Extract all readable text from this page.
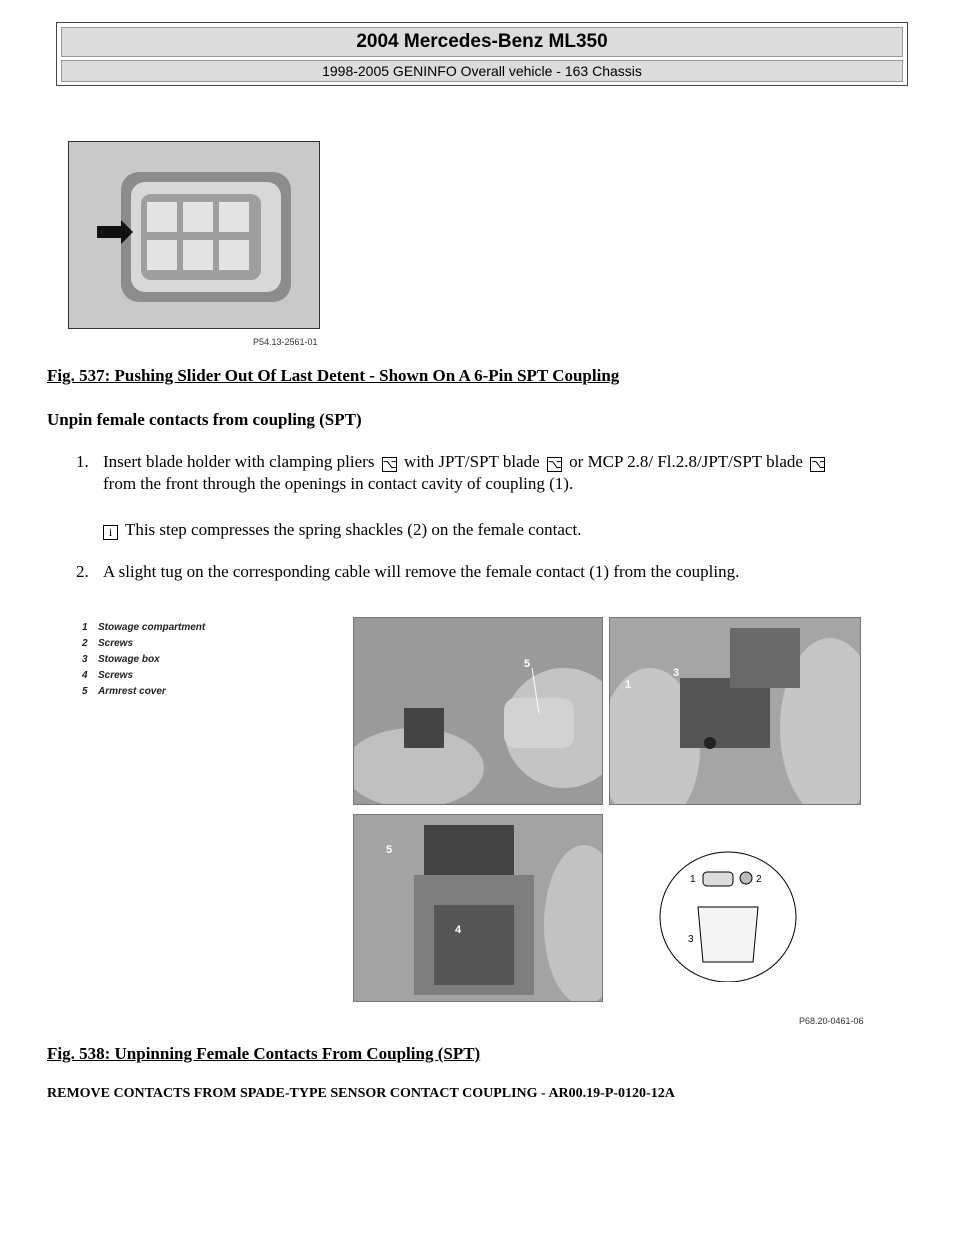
2004 Mercedes-Benz ML350
1998-2005 GENINFO Overall vehicle - 163 Chassis
P54.13-2561-01
Fig. 537: Pushing Slider Out Of Last Detent - Shown On A 6-Pin SPT Coupling
Unpin female contacts from coupling (SPT)
1. Insert blade holder with clamping pliers ⌥ with JPT/SPT blade ⌥ or MCP 2.8/ Fl.2.8/JPT/SPT blade ⌥
from the front through the openings in contact cavity of coupling (1).
i This step compresses the spring shackles (2) on the female contact.
2. A slight tug on the corresponding cable will remove the female contact (1) from the coupling.
1 Stowage compartment
2 Screws
3 Stowage box
4 Screws
5 Armrest cover
5
1
3
5
4
2
1
3
P68.20-0461-06
Fig. 538: Unpinning Female Contacts From Coupling (SPT)
REMOVE CONTACTS FROM SPADE-TYPE SENSOR CONTACT COUPLING - AR00.19-P-0120-12A
